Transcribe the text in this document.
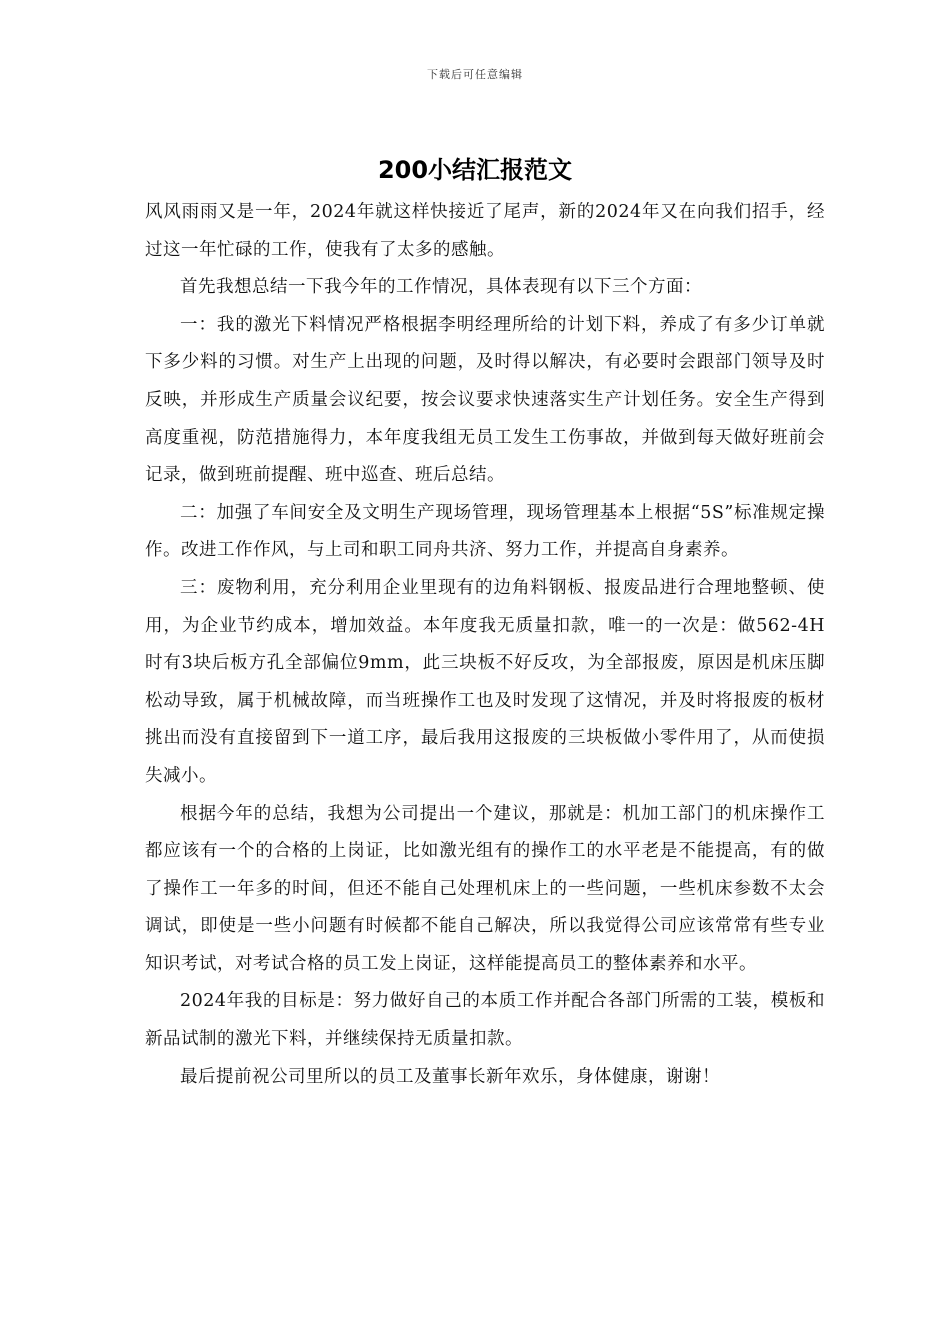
下载后可任意编辑
200小结汇报范文

风风雨雨又是一年，2024年就这样快接近了尾声，新的2024年又在向我们招手，经过这一年忙碌的工作，使我有了太多的感触。

首先我想总结一下我今年的工作情况，具体表现有以下三个方面：

一：我的激光下料情况严格根据李明经理所给的计划下料，养成了有多少订单就下多少料的习惯。对生产上出现的问题，及时得以解决，有必要时会跟部门领导及时反映，并形成生产质量会议纪要，按会议要求快速落实生产计划任务。安全生产得到高度重视，防范措施得力，本年度我组无员工发生工伤事故，并做到每天做好班前会记录，做到班前提醒、班中巡查、班后总结。

二：加强了车间安全及文明生产现场管理，现场管理基本上根据“5S”标准规定操作。改进工作作风，与上司和职工同舟共济、努力工作，并提高自身素养。

三：废物利用，充分利用企业里现有的边角料钢板、报废品进行合理地整顿、使用，为企业节约成本，增加效益。本年度我无质量扣款，唯一的一次是：做562-4H时有3块后板方孔全部偏位9mm，此三块板不好反攻，为全部报废，原因是机床压脚松动导致，属于机械故障，而当班操作工也及时发现了这情况，并及时将报废的板材挑出而没有直接留到下一道工序，最后我用这报废的三块板做小零件用了，从而使损失减小。

根据今年的总结，我想为公司提出一个建议，那就是：机加工部门的机床操作工都应该有一个的合格的上岗证，比如激光组有的操作工的水平老是不能提高，有的做了操作工一年多的时间，但还不能自己处理机床上的一些问题，一些机床参数不太会调试，即使是一些小问题有时候都不能自己解决，所以我觉得公司应该常常有些专业知识考试，对考试合格的员工发上岗证，这样能提高员工的整体素养和水平。

2024年我的目标是：努力做好自己的本质工作并配合各部门所需的工装，模板和新品试制的激光下料，并继续保持无质量扣款。

最后提前祝公司里所以的员工及董事长新年欢乐，身体健康，谢谢！
